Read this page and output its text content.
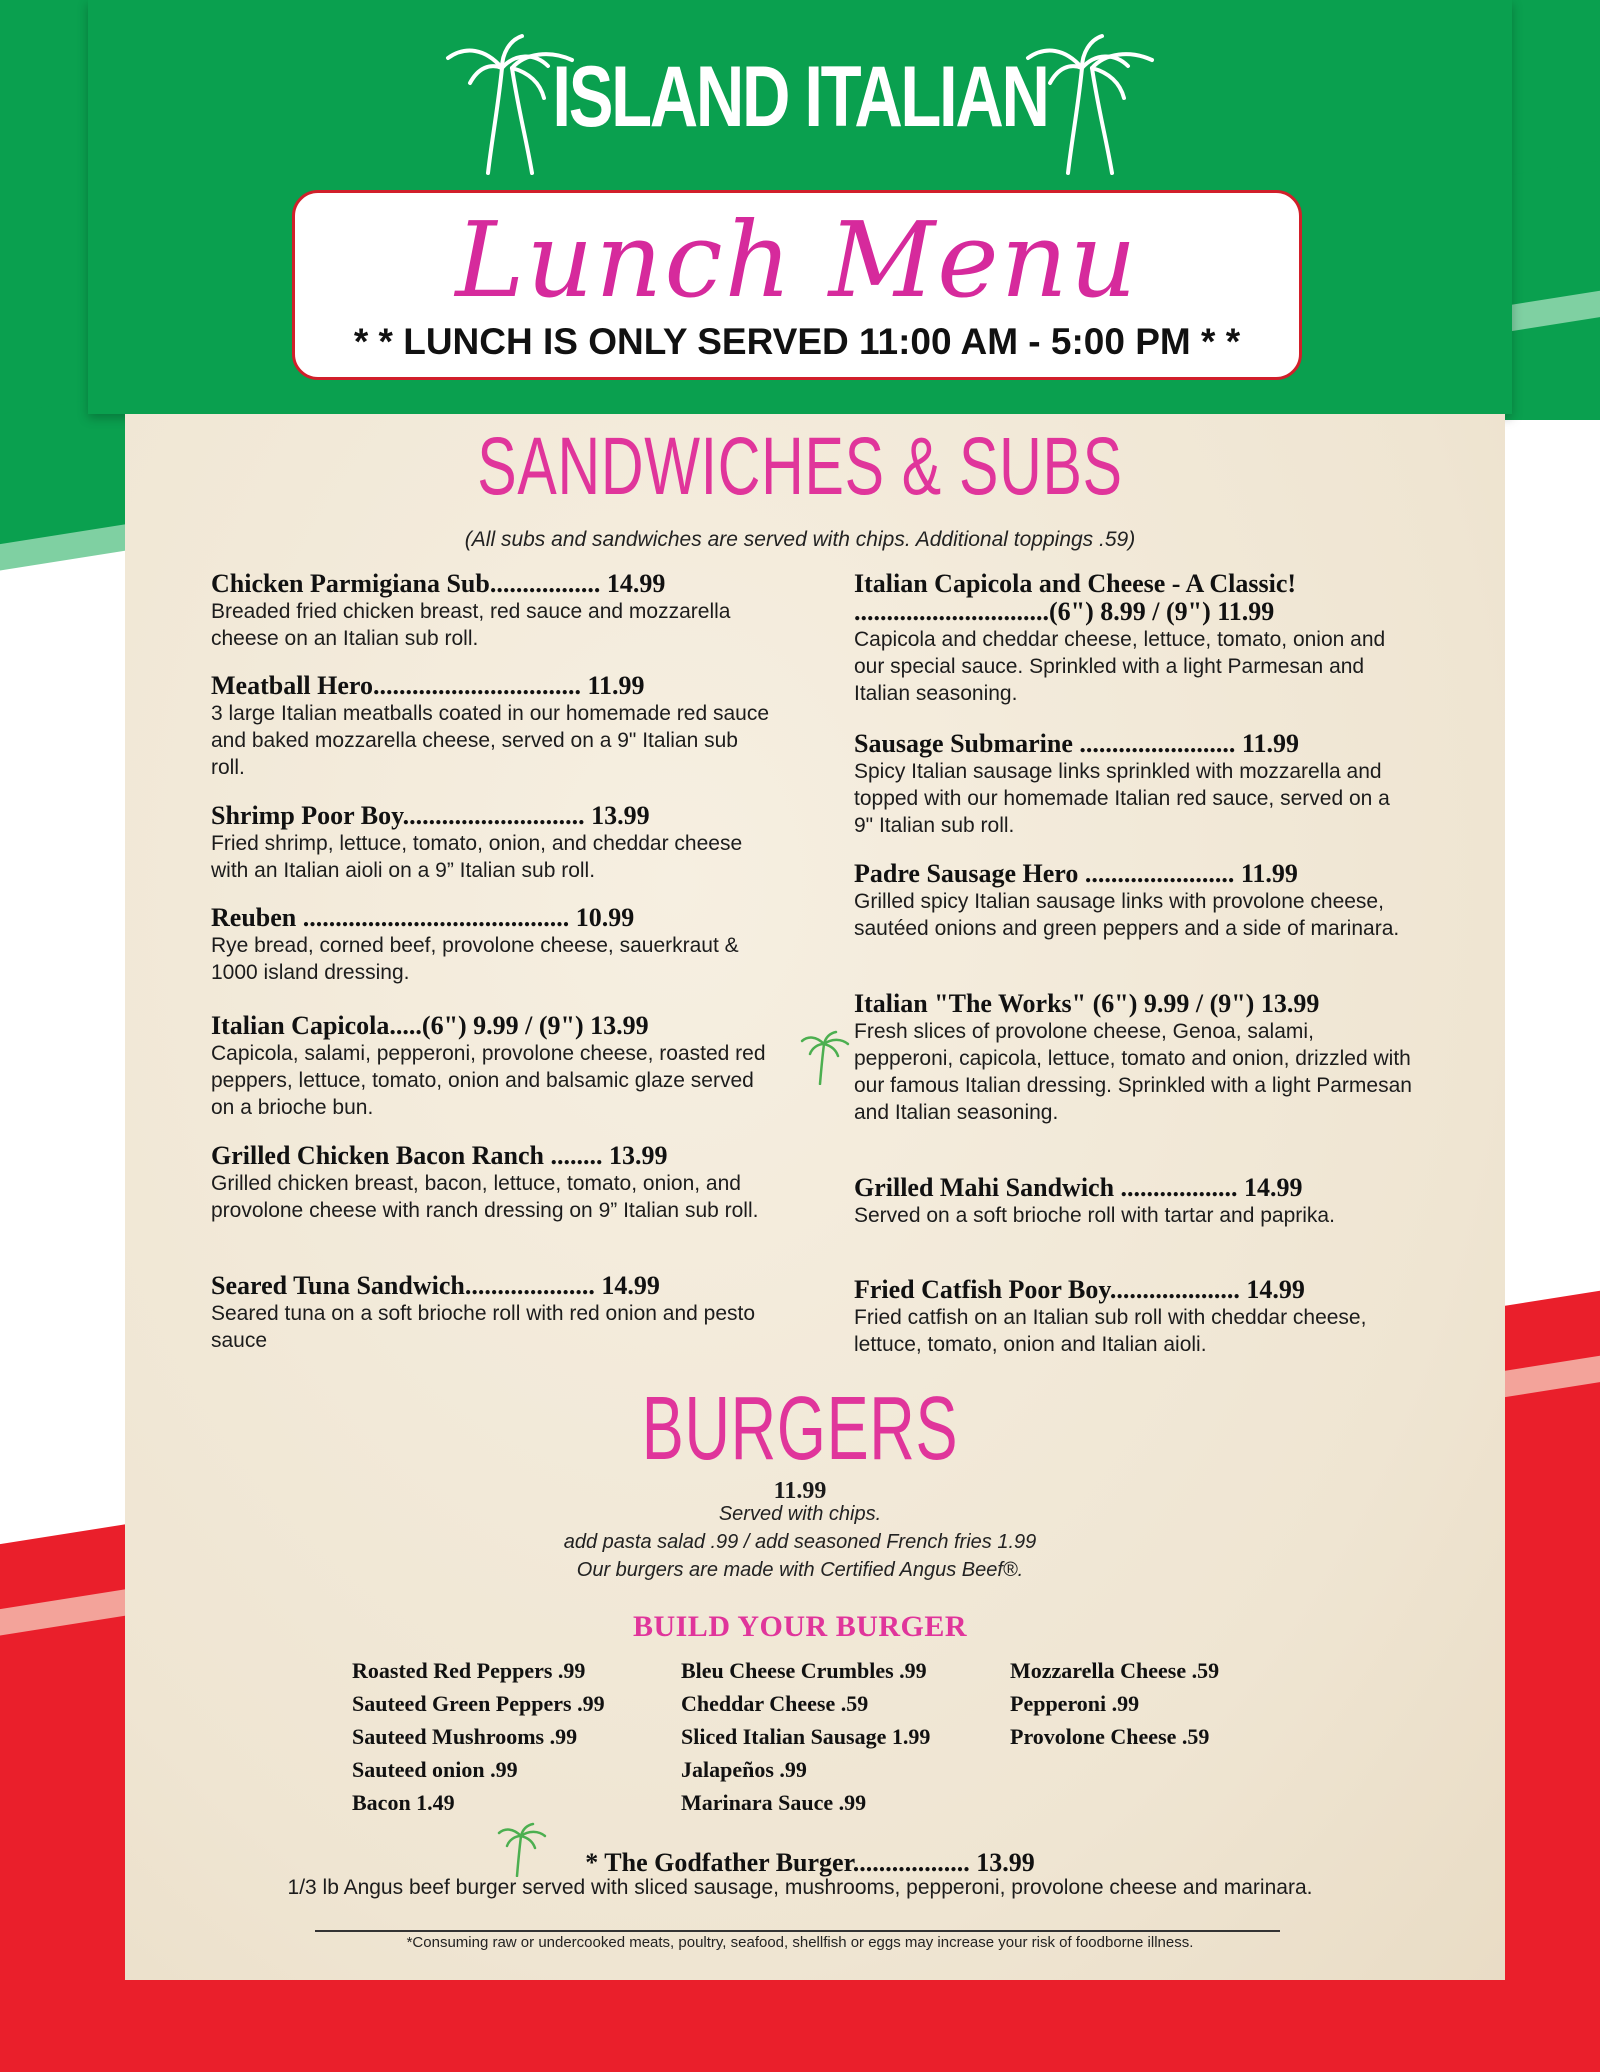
ISLAND ITALIAN
Lunch Menu
* * LUNCH IS ONLY SERVED 11:00 AM - 5:00 PM * *
SANDWICHES & SUBS
(All subs and sandwiches are served with chips. Additional toppings .59)
Chicken Parmigiana Sub................. 14.99
Breaded fried chicken breast, red sauce and mozzarella cheese on an Italian sub roll.
Meatball Hero................................ 11.99
3 large Italian meatballs coated in our homemade red sauce and baked mozzarella cheese, served on a 9" Italian sub roll.
Shrimp Poor Boy............................ 13.99
Fried shrimp, lettuce, tomato, onion, and cheddar cheese with an Italian aioli on a 9” Italian sub roll.
Reuben ......................................... 10.99
Rye bread, corned beef, provolone cheese, sauerkraut & 1000 island dressing.
Italian Capicola.....(6") 9.99 / (9") 13.99
Capicola, salami, pepperoni, provolone cheese, roasted red peppers, lettuce, tomato, onion and balsamic glaze served on a brioche bun.
Grilled Chicken Bacon Ranch ........ 13.99
Grilled chicken breast, bacon, lettuce, tomato, onion, and provolone cheese with ranch dressing on 9” Italian sub roll.
Seared Tuna Sandwich.................... 14.99
Seared tuna on a soft brioche roll with red onion and pesto sauce
Italian Capicola and Cheese - A Classic!
..............................(6") 8.99 / (9") 11.99
Capicola and cheddar cheese, lettuce, tomato, onion and our special sauce. Sprinkled with a light Parmesan and Italian seasoning.
Sausage Submarine ........................ 11.99
Spicy Italian sausage links sprinkled with mozzarella and topped with our homemade Italian red sauce, served on a 9" Italian sub roll.
Padre Sausage Hero ....................... 11.99
Grilled spicy Italian sausage links with provolone cheese, sautéed onions and green peppers and a side of marinara.
Italian "The Works" (6") 9.99 / (9") 13.99
Fresh slices of provolone cheese, Genoa, salami, pepperoni, capicola, lettuce, tomato and onion, drizzled with our famous Italian dressing. Sprinkled with a light Parmesan and Italian seasoning.
Grilled Mahi Sandwich .................. 14.99
Served on a soft brioche roll with tartar and paprika.
Fried Catfish Poor Boy.................... 14.99
Fried catfish on an Italian sub roll with cheddar cheese, lettuce, tomato, onion and Italian aioli.
BURGERS
11.99
Served with chips.
add pasta salad .99 / add seasoned French fries 1.99
Our burgers are made with Certified Angus Beef®.
BUILD YOUR BURGER
Roasted Red Peppers .99
Sauteed Green Peppers .99
Sauteed Mushrooms .99
Sauteed onion .99
Bacon 1.49
Bleu Cheese Crumbles .99
Cheddar Cheese .59
Sliced Italian Sausage 1.99
Jalapeños .99
Marinara Sauce .99
Mozzarella Cheese .59
Pepperoni .99
Provolone Cheese .59
* The Godfather Burger.................. 13.99
1/3 lb Angus beef burger served with sliced sausage, mushrooms, pepperoni, provolone cheese and marinara.
*Consuming raw or undercooked meats, poultry, seafood, shellfish or eggs may increase your risk of foodborne illness.
